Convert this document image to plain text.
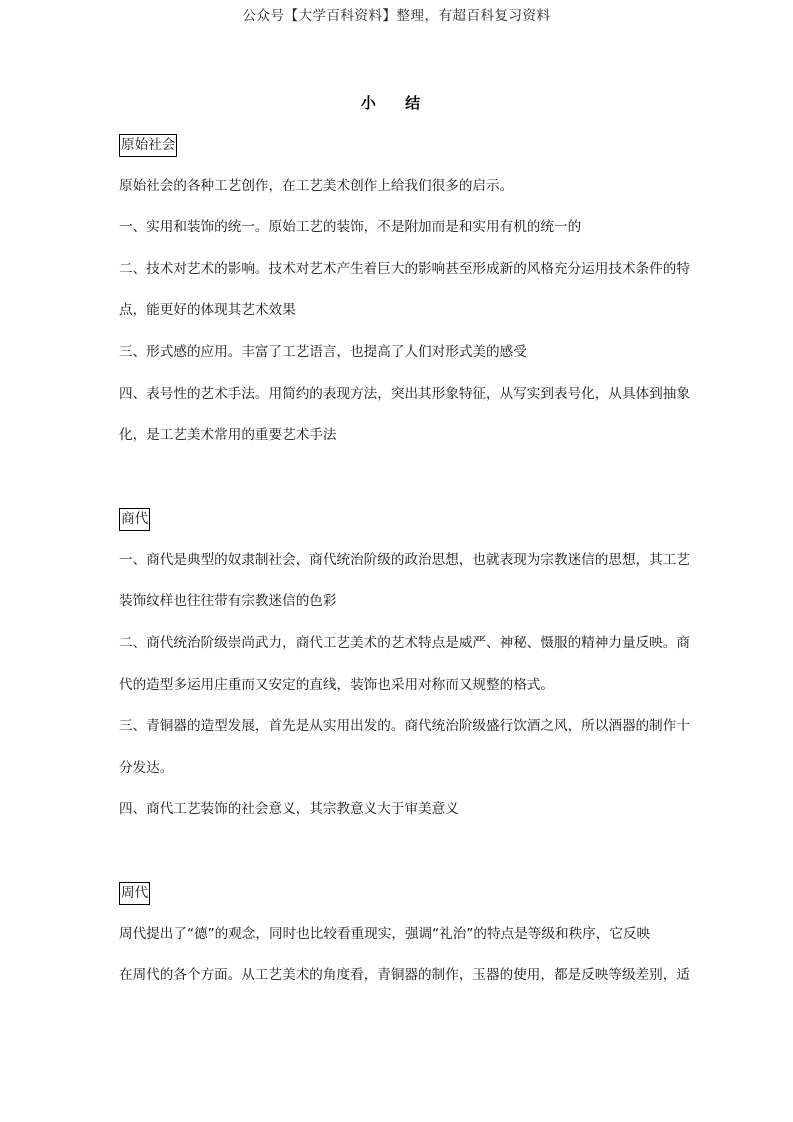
公众号【大学百科资料】整理，有超百科复习资料
小 结
原始社会
原始社会的各种工艺创作，在工艺美术创作上给我们很多的启示。
一、实用和装饰的统一。原始工艺的装饰，不是附加而是和实用有机的统一的
二、技术对艺术的影响。技术对艺术产生着巨大的影响甚至形成新的风格充分运用技术条件的特
点，能更好的体现其艺术效果
三、形式感的应用。丰富了工艺语言，也提高了人们对形式美的感受
四、表号性的艺术手法。用简约的表现方法，突出其形象特征，从写实到表号化，从具体到抽象
化，是工艺美术常用的重要艺术手法
商代
一、商代是典型的奴隶制社会，商代统治阶级的政治思想，也就表现为宗教迷信的思想，其工艺
装饰纹样也往往带有宗教迷信的色彩
二、商代统治阶级崇尚武力，商代工艺美术的艺术特点是威严、神秘、慑服的精神力量反映。商
代的造型多运用庄重而又安定的直线，装饰也采用对称而又规整的格式。
三、青铜器的造型发展，首先是从实用出发的。商代统治阶级盛行饮酒之风，所以酒器的制作十
分发达。
四、商代工艺装饰的社会意义，其宗教意义大于审美意义
周代
周代提出了“德”的观念，同时也比较看重现实，强调“礼治”的特点是等级和秩序，它反映
在周代的各个方面。从工艺美术的角度看，青铜器的制作，玉器的使用，都是反映等级差别，适
